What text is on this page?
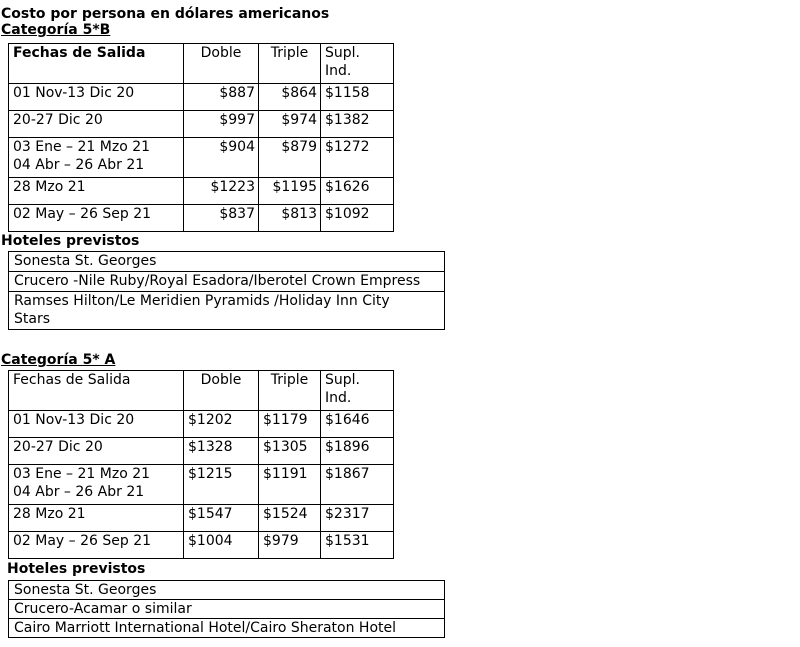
Costo por persona en dólares americanos
Categoría 5*B
Fechas de Salida	Doble	Triple	Supl.
Ind.
01 Nov-13 Dic 20	$887	$864	$1158
20-27 Dic 20	$997	$974	$1382
03 Ene – 21 Mzo 21
04 Abr – 26 Abr 21	$904	$879	$1272
28 Mzo 21	$1223	$1195	$1626
02 May – 26 Sep 21	$837	$813	$1092
Hoteles previstos
Sonesta St. Georges
Crucero -Nile Ruby/Royal Esadora/Iberotel Crown Empress
Ramses Hilton/Le Meridien Pyramids /Holiday Inn City
Stars
Categoría 5* A
Fechas de Salida	Doble	Triple	Supl.
Ind.
01 Nov-13 Dic 20	$1202	$1179	$1646
20-27 Dic 20	$1328	$1305	$1896
03 Ene – 21 Mzo 21
04 Abr – 26 Abr 21	$1215	$1191	$1867
28 Mzo 21	$1547	$1524	$2317
02 May – 26 Sep 21	$1004	$979	$1531
Hoteles previstos
Sonesta St. Georges
Crucero-Acamar o similar
Cairo Marriott International Hotel/Cairo Sheraton Hotel
